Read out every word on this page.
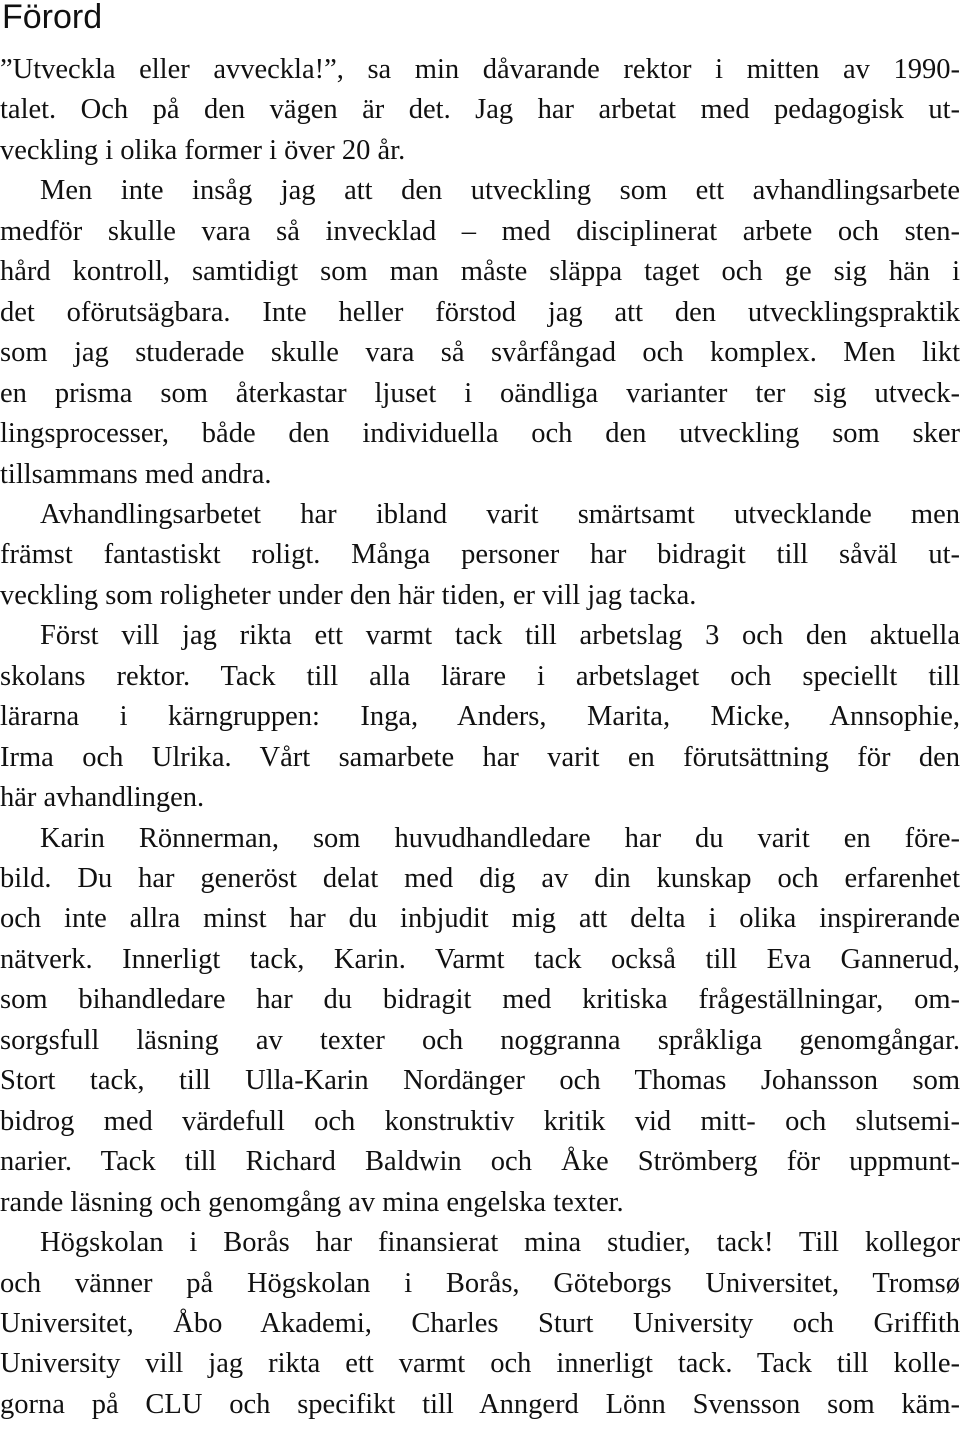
Förord
”Utveckla eller avveckla!”, sa min dåvarande rektor i mitten av 1990-
talet. Och på den vägen är det. Jag har arbetat med pedagogisk ut-
veckling i olika former i över 20 år.
Men inte insåg jag att den utveckling som ett avhandlingsarbete
medför skulle vara så invecklad – med disciplinerat arbete och sten-
hård kontroll, samtidigt som man måste släppa taget och ge sig hän i
det oförutsägbara. Inte heller förstod jag att den utvecklingspraktik
som jag studerade skulle vara så svårfångad och komplex. Men likt
en prisma som återkastar ljuset i oändliga varianter ter sig utveck-
lingsprocesser, både den individuella och den utveckling som sker
tillsammans med andra.
Avhandlingsarbetet har ibland varit smärtsamt utvecklande men
främst fantastiskt roligt. Många personer har bidragit till såväl ut-
veckling som roligheter under den här tiden, er vill jag tacka.
Först vill jag rikta ett varmt tack till arbetslag 3 och den aktuella
skolans rektor. Tack till alla lärare i arbetslaget och speciellt till
lärarna i kärngruppen: Inga, Anders, Marita, Micke, Annsophie,
Irma och Ulrika. Vårt samarbete har varit en förutsättning för den
här avhandlingen.
Karin Rönnerman, som huvudhandledare har du varit en före-
bild. Du har generöst delat med dig av din kunskap och erfarenhet
och inte allra minst har du inbjudit mig att delta i olika inspirerande
nätverk. Innerligt tack, Karin. Varmt tack också till Eva Gannerud,
som bihandledare har du bidragit med kritiska frågeställningar, om-
sorgsfull läsning av texter och noggranna språkliga genomgångar.
Stort tack, till Ulla-Karin Nordänger och Thomas Johansson som
bidrog med värdefull och konstruktiv kritik vid mitt- och slutsemi-
narier. Tack till Richard Baldwin och Åke Strömberg för uppmunt-
rande läsning och genomgång av mina engelska texter.
Högskolan i Borås har finansierat mina studier, tack! Till kollegor
och vänner på Högskolan i Borås, Göteborgs Universitet, Tromsø
Universitet, Åbo Akademi, Charles Sturt University och Griffith
University vill jag rikta ett varmt och innerligt tack. Tack till kolle-
gorna på CLU och specifikt till Anngerd Lönn Svensson som käm-
